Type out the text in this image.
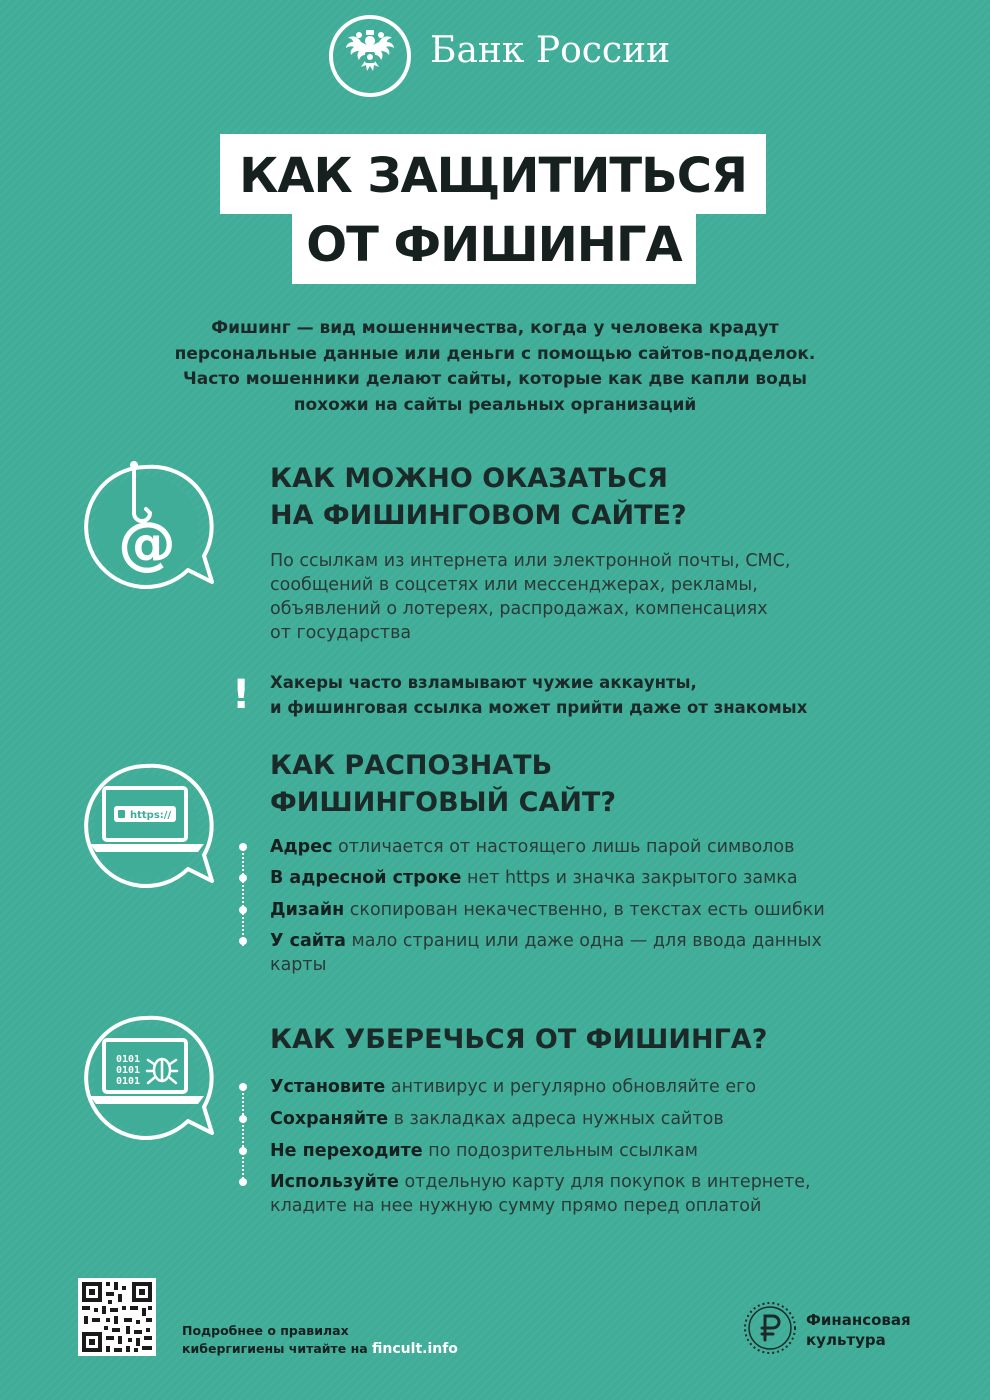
Банк России
КАК ЗАЩИТИТЬСЯ
ОТ ФИШИНГА
Фишинг — вид мошенничества, когда у человека крадут
персональные данные или деньги с помощью сайтов-подделок.
Часто мошенники делают сайты, которые как две капли воды
похожи на сайты реальных организаций
@
КАК МОЖНО ОКАЗАТЬСЯ
НА ФИШИНГОВОМ САЙТЕ?
По ссылкам из интернета или электронной почты, СМС,
сообщений в соцсетях или мессенджерах, рекламы,
объявлений о лотереях, распродажах, компенсациях
от государства
! Хакеры часто взламывают чужие аккаунты,
и фишинговая ссылка может прийти даже от знакомых
https://
КАК РАСПОЗНАТЬ
ФИШИНГОВЫЙ САЙТ?
Адрес отличается от настоящего лишь парой символов
В адресной строке нет https и значка закрытого замка
Дизайн скопирован некачественно, в текстах есть ошибки
У сайта мало страниц или даже одна — для ввода данных
карты
0101
0101
0101
КАК УБЕРЕЧЬСЯ ОТ ФИШИНГА?
Установите антивирус и регулярно обновляйте его
Сохраняйте в закладках адреса нужных сайтов
Не переходите по подозрительным ссылкам
Используйте отдельную карту для покупок в интернете,
кладите на нее нужную сумму прямо перед оплатой
Подробнее о правилах
кибергигиены читайте на fincult.info
Финансовая
культура
